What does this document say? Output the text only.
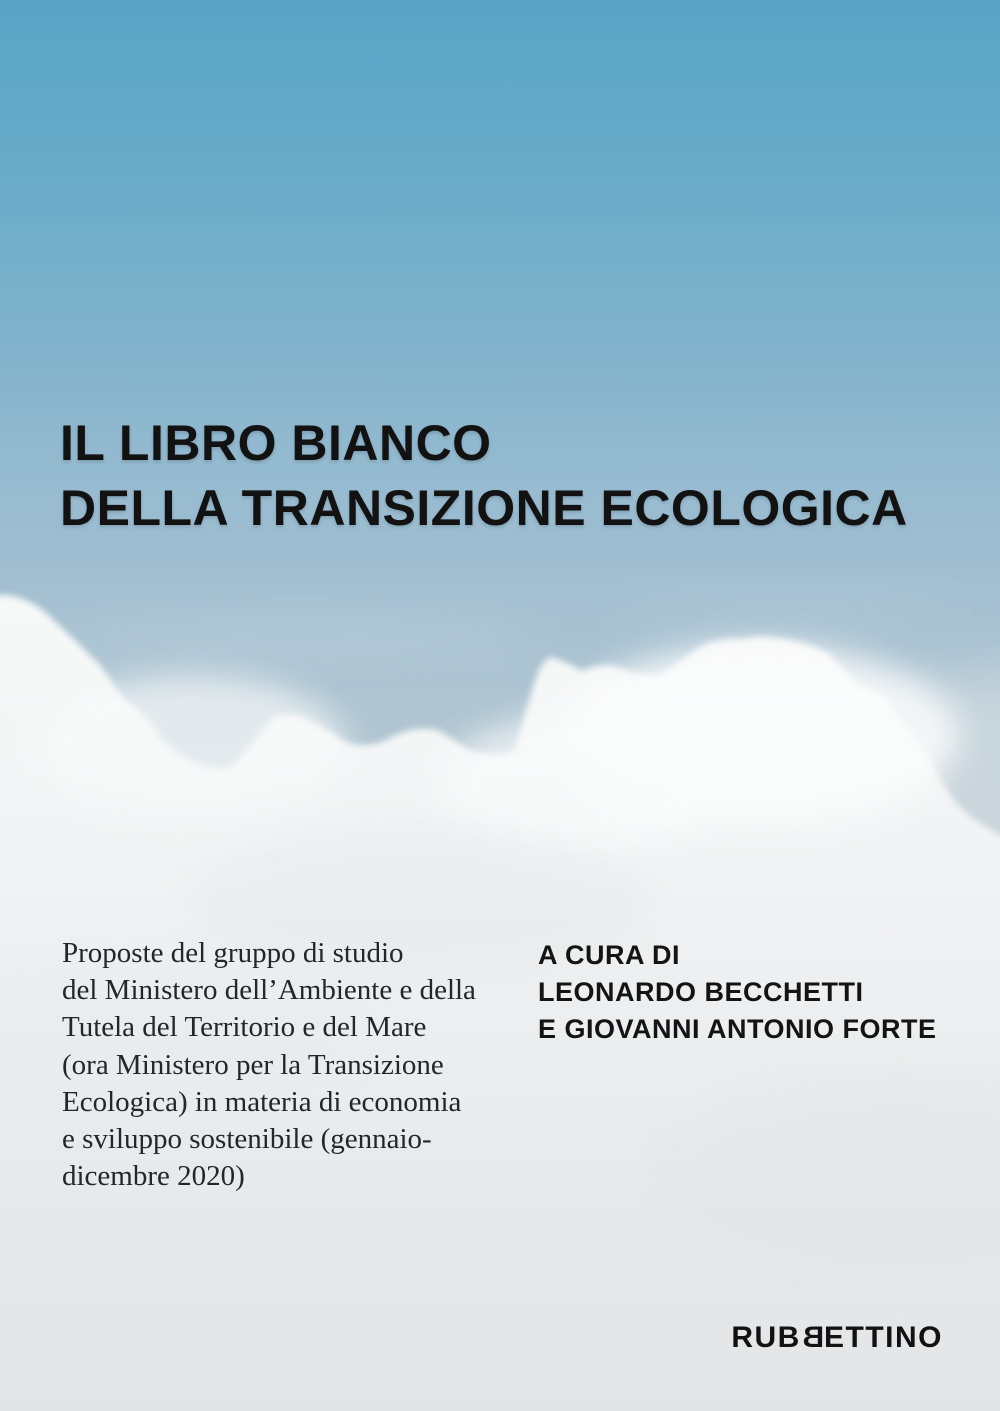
IL LIBRO BIANCO
DELLA TRANSIZIONE ECOLOGICA

Proposte del gruppo di studio
del Ministero dell’Ambiente e della
Tutela del Territorio e del Mare
(ora Ministero per la Transizione
Ecologica) in materia di economia
e sviluppo sostenibile (gennaio-
dicembre 2020)

A CURA DI
LEONARDO BECCHETTI
E GIOVANNI ANTONIO FORTE
RUBBETTINO
